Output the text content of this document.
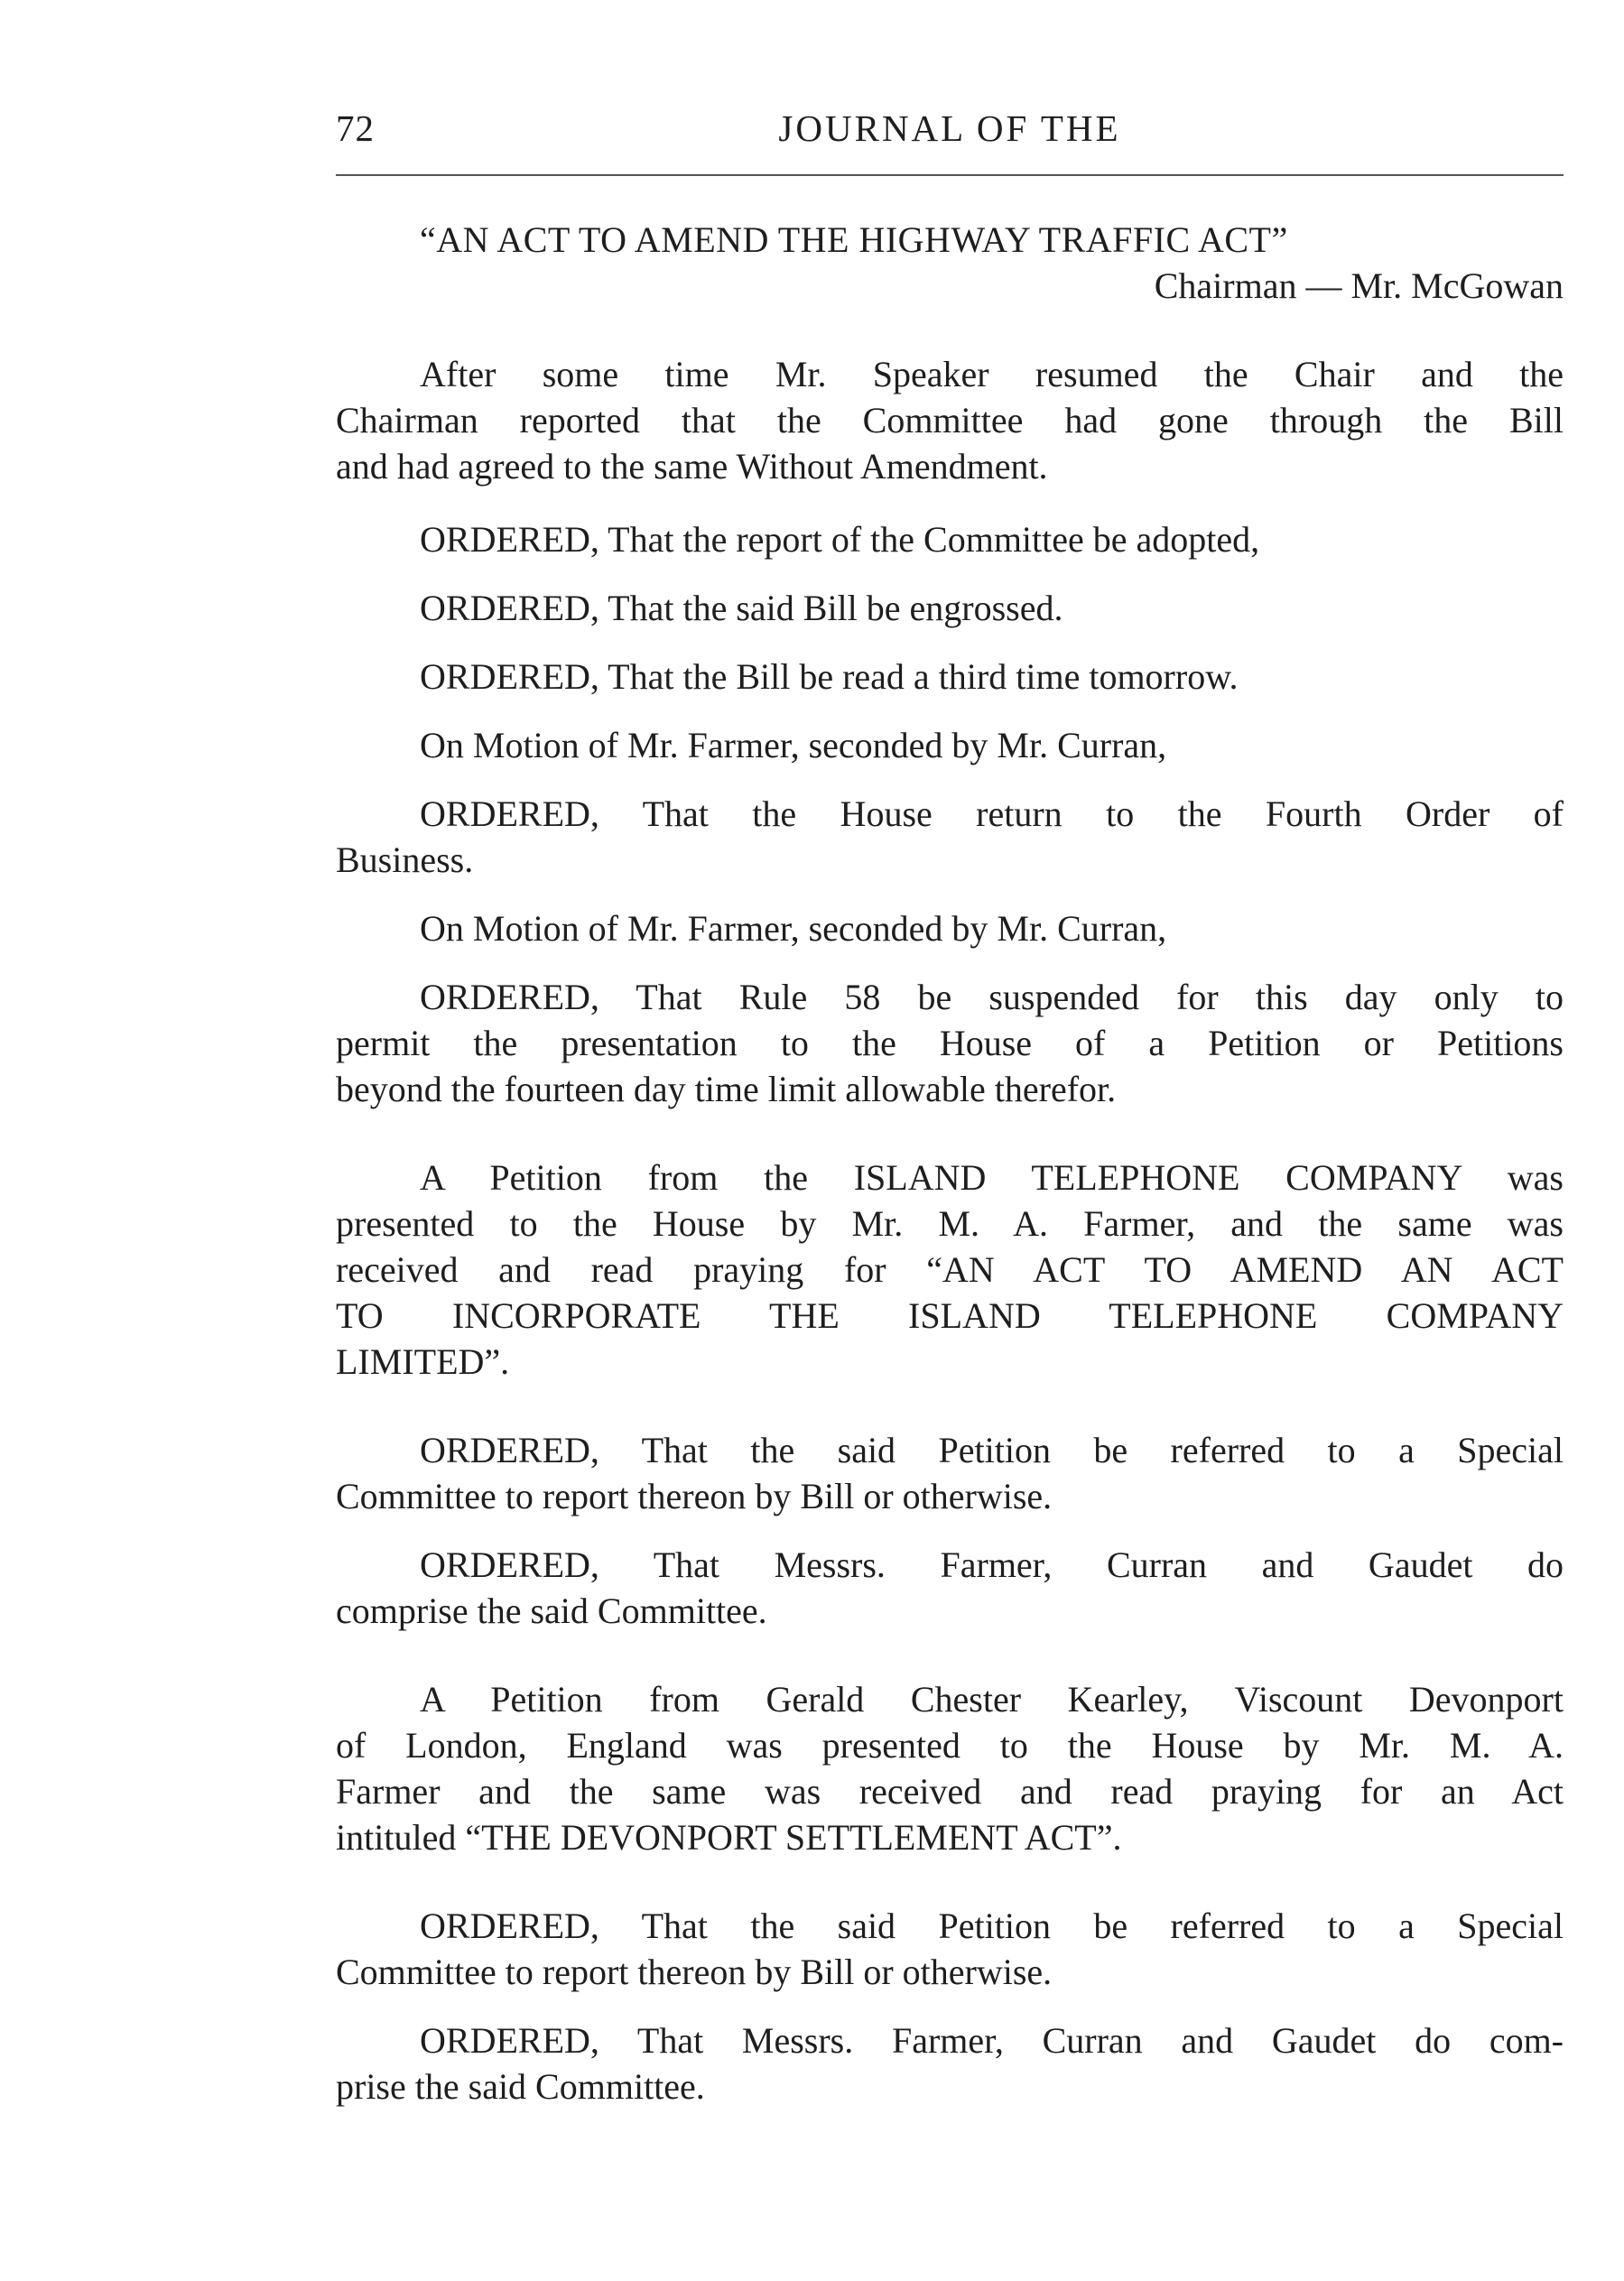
72	JOURNAL OF THE
“AN ACT TO AMEND THE HIGHWAY TRAFFIC ACT”
Chairman — Mr. McGowan
After some time Mr. Speaker resumed the Chair and the
Chairman reported that the Committee had gone through the Bill
and had agreed to the same Without Amendment.
ORDERED, That the report of the Committee be adopted,
ORDERED, That the said Bill be engrossed.
ORDERED, That the Bill be read a third time tomorrow.
On Motion of Mr. Farmer, seconded by Mr. Curran,
ORDERED, That the House return to the Fourth Order of
Business.
On Motion of Mr. Farmer, seconded by Mr. Curran,
ORDERED, That Rule 58 be suspended for this day only to
permit the presentation to the House of a Petition or Petitions
beyond the fourteen day time limit allowable therefor.
A Petition from the ISLAND TELEPHONE COMPANY was
presented to the House by Mr. M. A. Farmer, and the same was
received and read praying for “AN ACT TO AMEND AN ACT
TO INCORPORATE THE ISLAND TELEPHONE COMPANY
LIMITED”.
ORDERED, That the said Petition be referred to a Special
Committee to report thereon by Bill or otherwise.
ORDERED, That Messrs. Farmer, Curran and Gaudet do
comprise the said Committee.
A Petition from Gerald Chester Kearley, Viscount Devonport
of London, England was presented to the House by Mr. M. A.
Farmer and the same was received and read praying for an Act
intituled “THE DEVONPORT SETTLEMENT ACT”.
ORDERED, That the said Petition be referred to a Special
Committee to report thereon by Bill or otherwise.
ORDERED, That Messrs. Farmer, Curran and Gaudet do com-
prise the said Committee.
